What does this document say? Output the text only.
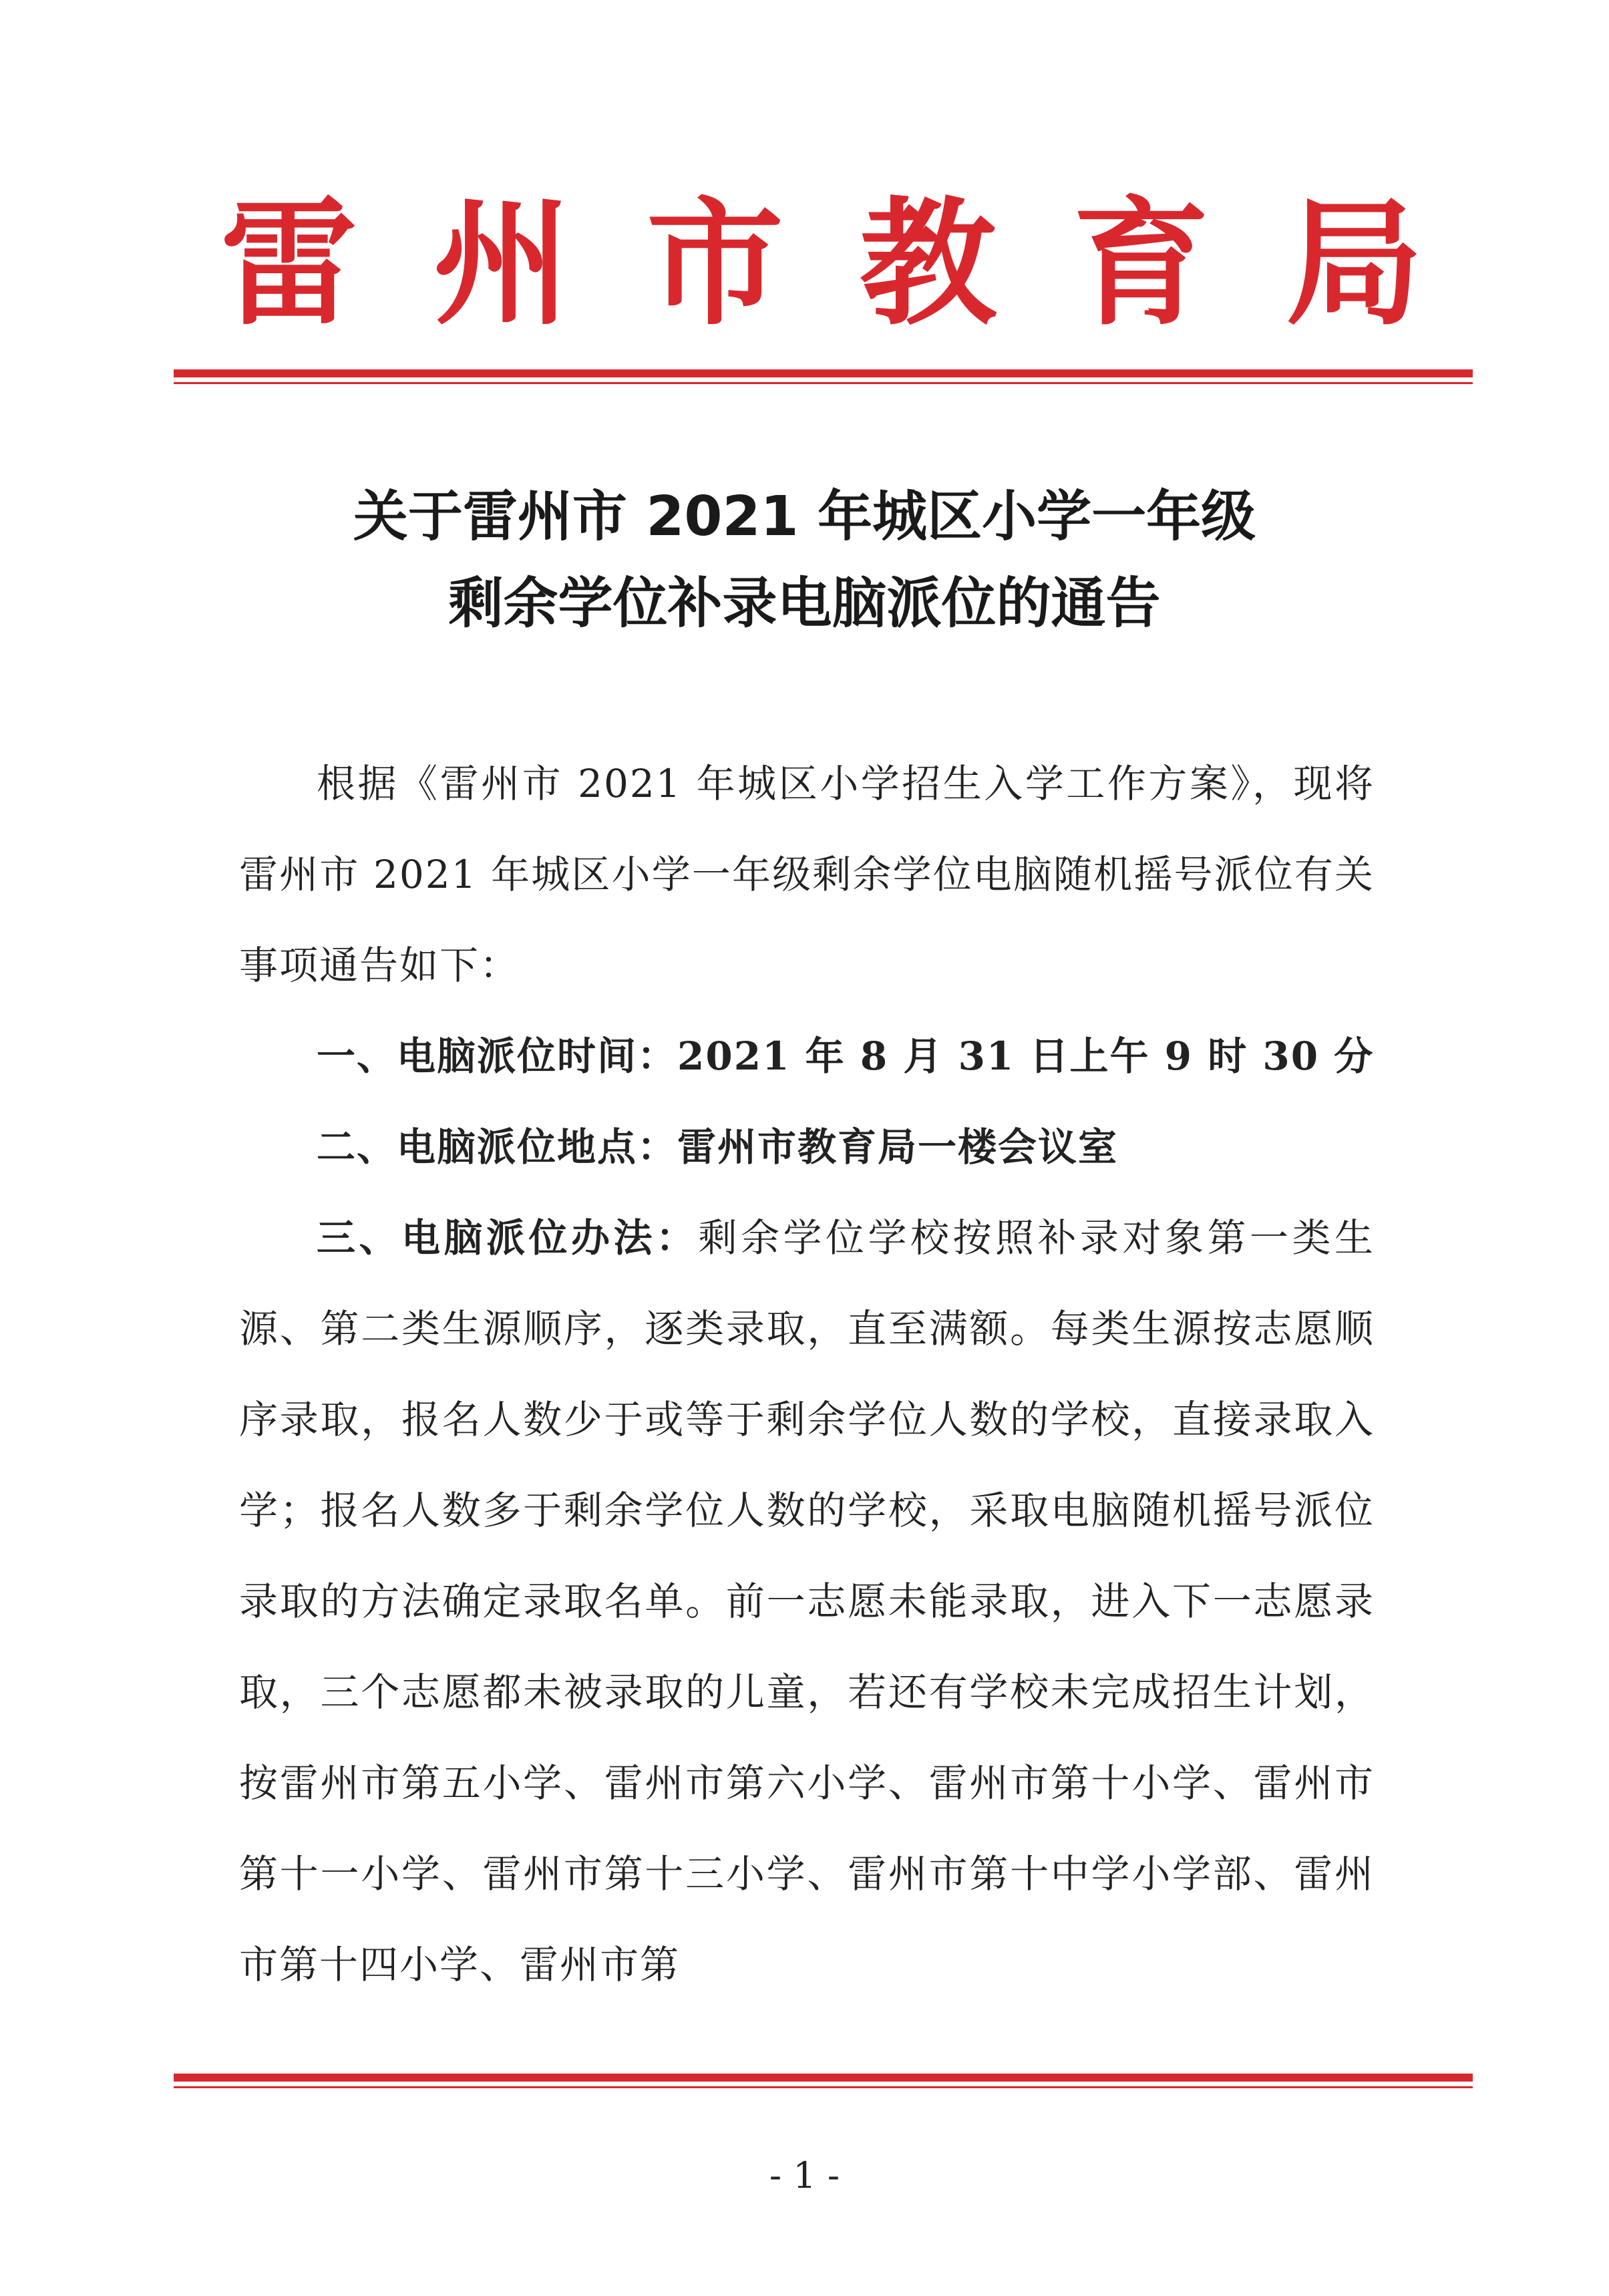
雷 州 市 教 育 局
关于雷州市 2021 年城区小学一年级
剩余学位补录电脑派位的通告

根据《雷州市 2021 年城区小学招生入学工作方案》，现将雷州市 2021 年城区小学一年级剩余学位电脑随机摇号派位有关事项通告如下：

一、电脑派位时间：2021 年 8 月 31 日上午 9 时 30 分

二、电脑派位地点：雷州市教育局一楼会议室

三、电脑派位办法：剩余学位学校按照补录对象第一类生源、第二类生源顺序，逐类录取，直至满额。每类生源按志愿顺序录取，报名人数少于或等于剩余学位人数的学校，直接录取入学；报名人数多于剩余学位人数的学校，采取电脑随机摇号派位录取的方法确定录取名单。前一志愿未能录取，进入下一志愿录取，三个志愿都未被录取的儿童，若还有学校未完成招生计划，按雷州市第五小学、雷州市第六小学、雷州市第十小学、雷州市第十一小学、雷州市第十三小学、雷州市第十中学小学部、雷州市第十四小学、雷州市第

- 1 -
